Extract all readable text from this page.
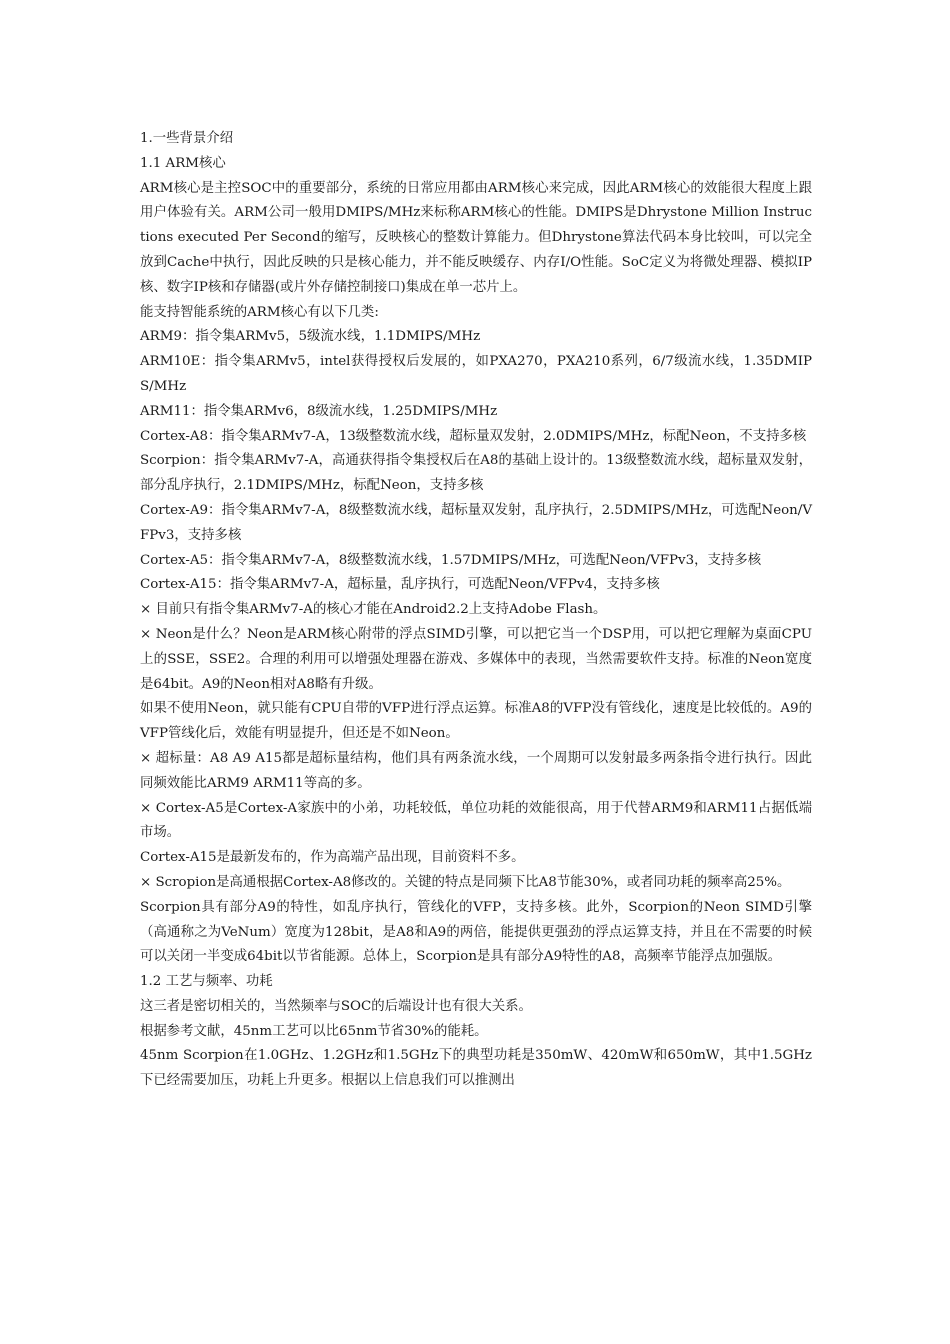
1.一些背景介绍
1.1 ARM核心
ARM核心是主控SOC中的重要部分，系统的日常应用都由ARM核心来完成，因此ARM核心的效能很大程度上跟用户体验有关。ARM公司一般用DMIPS/MHz来标称ARM核心的性能。DMIPS是Dhrystone Million Instructions executed Per Second的缩写，反映核心的整数计算能力。但Dhrystone算法代码本身比较叫，可以完全放到Cache中执行，因此反映的只是核心能力，并不能反映缓存、内存I/O性能。SoC定义为将微处理器、模拟IP核、数字IP核和存储器(或片外存储控制接口)集成在单一芯片上。
能支持智能系统的ARM核心有以下几类:
ARM9：指令集ARMv5，5级流水线，1.1DMIPS/MHz
ARM10E：指令集ARMv5，intel获得授权后发展的，如PXA270，PXA210系列，6/7级流水线，1.35DMIPS/MHz
ARM11：指令集ARMv6，8级流水线，1.25DMIPS/MHz
Cortex-A8：指令集ARMv7-A，13级整数流水线，超标量双发射，2.0DMIPS/MHz，标配Neon，不支持多核
Scorpion：指令集ARMv7-A，高通获得指令集授权后在A8的基础上设计的。13级整数流水线，超标量双发射，部分乱序执行，2.1DMIPS/MHz，标配Neon，支持多核
Cortex-A9：指令集ARMv7-A，8级整数流水线，超标量双发射，乱序执行，2.5DMIPS/MHz，可选配Neon/VFPv3，支持多核
Cortex-A5：指令集ARMv7-A，8级整数流水线，1.57DMIPS/MHz，可选配Neon/VFPv3，支持多核
Cortex-A15：指令集ARMv7-A，超标量，乱序执行，可选配Neon/VFPv4，支持多核
× 目前只有指令集ARMv7-A的核心才能在Android2.2上支持Adobe Flash。
× Neon是什么？Neon是ARM核心附带的浮点SIMD引擎，可以把它当一个DSP用，可以把它理解为桌面CPU上的SSE，SSE2。合理的利用可以增强处理器在游戏、多媒体中的表现，当然需要软件支持。标准的Neon宽度是64bit。A9的Neon相对A8略有升级。
如果不使用Neon，就只能有CPU自带的VFP进行浮点运算。标准A8的VFP没有管线化，速度是比较低的。A9的VFP管线化后，效能有明显提升，但还是不如Neon。
× 超标量：A8 A9 A15都是超标量结构，他们具有两条流水线，一个周期可以发射最多两条指令进行执行。因此同频效能比ARM9 ARM11等高的多。
× Cortex-A5是Cortex-A家族中的小弟，功耗较低，单位功耗的效能很高，用于代替ARM9和ARM11占据低端市场。
Cortex-A15是最新发布的，作为高端产品出现，目前资料不多。
× Scropion是高通根据Cortex-A8修改的。关键的特点是同频下比A8节能30%，或者同功耗的频率高25%。
Scorpion具有部分A9的特性，如乱序执行，管线化的VFP，支持多核。此外，Scorpion的Neon SIMD引擎（高通称之为VeNum）宽度为128bit，是A8和A9的两倍，能提供更强劲的浮点运算支持，并且在不需要的时候可以关闭一半变成64bit以节省能源。总体上，Scorpion是具有部分A9特性的A8，高频率节能浮点加强版。
1.2 工艺与频率、功耗
这三者是密切相关的，当然频率与SOC的后端设计也有很大关系。
根据参考文献，45nm工艺可以比65nm节省30%的能耗。
45nm Scorpion在1.0GHz、1.2GHz和1.5GHz下的典型功耗是350mW、420mW和650mW，其中1.5GHz下已经需要加压，功耗上升更多。根据以上信息我们可以推测出
